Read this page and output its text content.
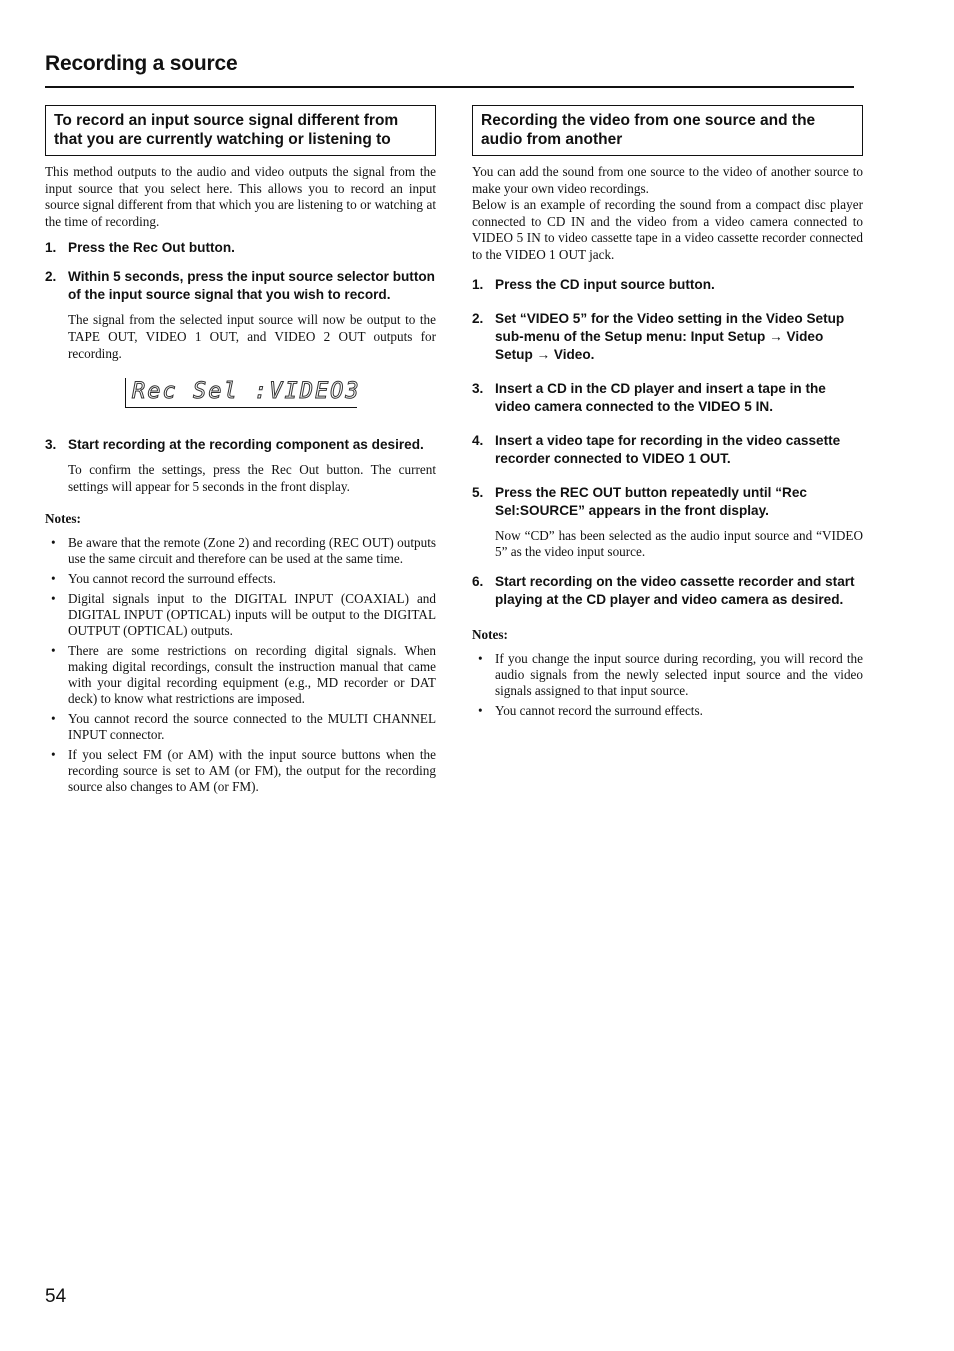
Recording a source
To record an input source signal different from that you are currently watching or listening to
This method outputs to the audio and video outputs the signal from the input source that you select here. This allows you to record an input source signal different from that which you are listening to or watching at the time of recording.
1. Press the Rec Out button.
2. Within 5 seconds, press the input source selector button of the input source signal that you wish to record.
The signal from the selected input source will now be output to the TAPE OUT, VIDEO 1 OUT, and VIDEO 2 OUT outputs for recording.
Rec Sel :VIDEO3
3. Start recording at the recording component as desired.
To confirm the settings, press the Rec Out button. The current settings will appear for 5 seconds in the front display.
Notes:
• Be aware that the remote (Zone 2) and recording (REC OUT) outputs use the same circuit and therefore can be used at the same time.
• You cannot record the surround effects.
• Digital signals input to the DIGITAL INPUT (COAXIAL) and DIGITAL INPUT (OPTICAL) inputs will be output to the DIGITAL OUTPUT (OPTICAL) outputs.
• There are some restrictions on recording digital signals. When making digital recordings, consult the instruction manual that came with your digital recording equipment (e.g., MD recorder or DAT deck) to know what restrictions are imposed.
• You cannot record the source connected to the MULTI CHANNEL INPUT connector.
• If you select FM (or AM) with the input source buttons when the recording source is set to AM (or FM), the output for the recording source also changes to AM (or FM).
Recording the video from one source and the audio from another
You can add the sound from one source to the video of another source to make your own video recordings.
Below is an example of recording the sound from a compact disc player connected to CD IN and the video from a video camera connected to VIDEO 5 IN to video cassette tape in a video cassette recorder connected to the VIDEO 1 OUT jack.
1. Press the CD input source button.
2. Set “VIDEO 5” for the Video setting in the Video Setup sub-menu of the Setup menu: Input Setup → Video Setup → Video.
3. Insert a CD in the CD player and insert a tape in the video camera connected to the VIDEO 5 IN.
4. Insert a video tape for recording in the video cassette recorder connected to VIDEO 1 OUT.
5. Press the REC OUT button repeatedly until “Rec Sel:SOURCE” appears in the front display.
Now “CD” has been selected as the audio input source and “VIDEO 5” as the video input source.
6. Start recording on the video cassette recorder and start playing at the CD player and video camera as desired.
Notes:
• If you change the input source during recording, you will record the audio signals from the newly selected input source and the video signals assigned to that input source.
• You cannot record the surround effects.
54
